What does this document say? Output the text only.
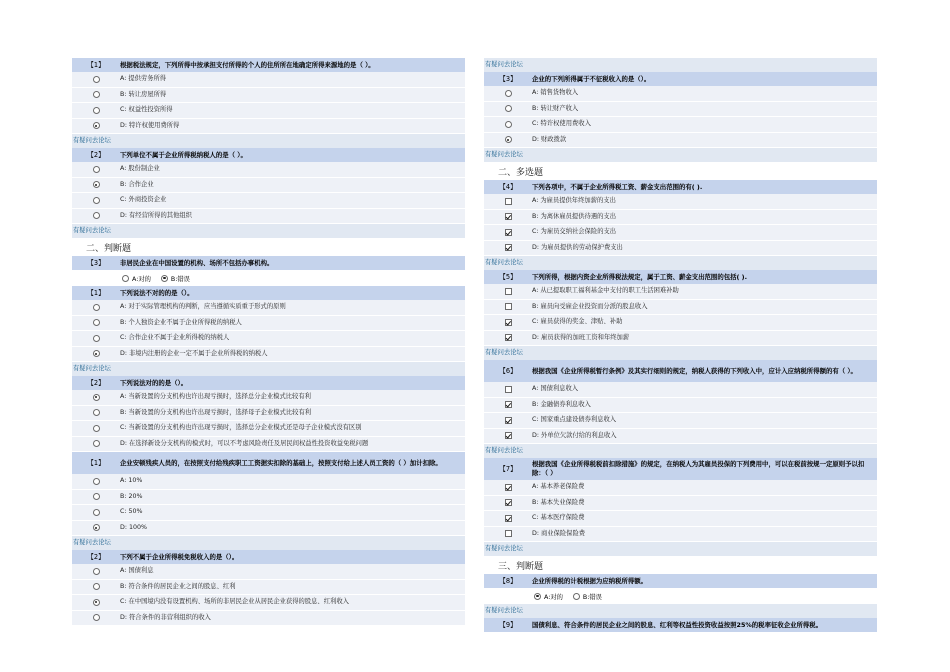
【1】	根据税法规定，下列所得中按承担支付所得的个人的住所所在地确定所得来源地的是（ ）。
A: 提供劳务所得
B: 转让房屋所得
C: 权益性投资所得
D: 特许权使用费所得
有疑问去论坛
【2】	下列单位不属于企业所得税纳税人的是（ ）。
A: 股份制企业
B: 合作企业
C: 外商投资企业
D: 有经营所得的其他组织
有疑问去论坛
二、判断题
【3】	非居民企业在中国设置的机构、场所不包括办事机构。
A:对的	B:错误
【1】	下列说法不对的的是（）。
A: 对于实际管理机构的判断，应当遵循实质重于形式的原则
B: 个人独资企业不属于企业所得税的纳税人
C: 合作企业不属于企业所得税的纳税人
D: 非境内注册的企业一定不属于企业所得税的纳税人
有疑问去论坛
【2】	下列说法对的的是（）。
A: 当新设置的分支机构也许出现亏损时，选择总分企业模式比较有利
B: 当新设置的分支机构也许出现亏损时，选择母子企业模式比较有利
C: 当新设置的分支机构也许出现亏损时，选择总分企业模式还是母子企业模式没有区别
D: 在选择新设分支机构的模式时，可以不考虑风险责任及居民间权益性投资收益免税问题
【1】	企业安顿残疾人员的，在按照支付给残疾职工工资据实扣除的基础上，按照支付给上述人员工资的（ ）加计扣除。
A: 10%
B: 20%
C: 50%
D: 100%
有疑问去论坛
【2】	下列不属于企业所得税免税收入的是（）。
A: 国债利息
B: 符合条件的居民企业之间的股息、红利
C: 在中国境内没有设置机构、场所的非居民企业从居民企业获得的股息、红利收入
D: 符合条件的非营利组织的收入
有疑问去论坛
【3】	企业的下列所得属于不征税收入的是（）。
A: 销售货物收入
B: 转让财产收入
C: 特许权使用费收入
D: 财政拨款
有疑问去论坛
二、多选题
【4】	下列各项中，不属于企业所得税工资、薪金支出范围的有( ).
A: 为雇员提供年终加薪的支出
B: 为离休雇员提供待遇的支出
C: 为雇员交纳社会保险的支出
D: 为雇员提供的劳动保护费支出
有疑问去论坛
【5】	下列所得，根据内资企业所得税法规定，属于工资、薪金支出范围的包括( ).
A: 从已提取职工福利基金中支付的职工生活困难补助
B: 雇员向受雇企业投资而分派的股息收入
C: 雇员获得的奖金、津贴、补助
D: 雇员获得的加班工资和年终加薪
有疑问去论坛
【6】	根据我国《企业所得税暂行条例》及其实行细则的规定，纳税人获得的下列收入中，应计入应纳税所得额的有（ ）。
A: 国债利息收入
B: 金融债券利息收入
C: 国家重点建设债券利息收入
D: 外单位欠款付给的利息收入
有疑问去论坛
【7】
根据我国《企业所得税税前扣除措施》的规定，在纳税人为其雇员投保的下列费用中，可以在税前按规一定原则予以扣除：（ ）
A: 基本养老保险费
B: 基本失业保险费
C: 基本医疗保险费
D: 商业保险保险费
有疑问去论坛
三、判断题
【8】	企业所得税的计税根据为应纳税所得额。
A:对的	B:错误
有疑问去论坛
【9】	国债利息、符合条件的居民企业之间的股息、红利等权益性投资收益按照25%的税率征收企业所得税。
